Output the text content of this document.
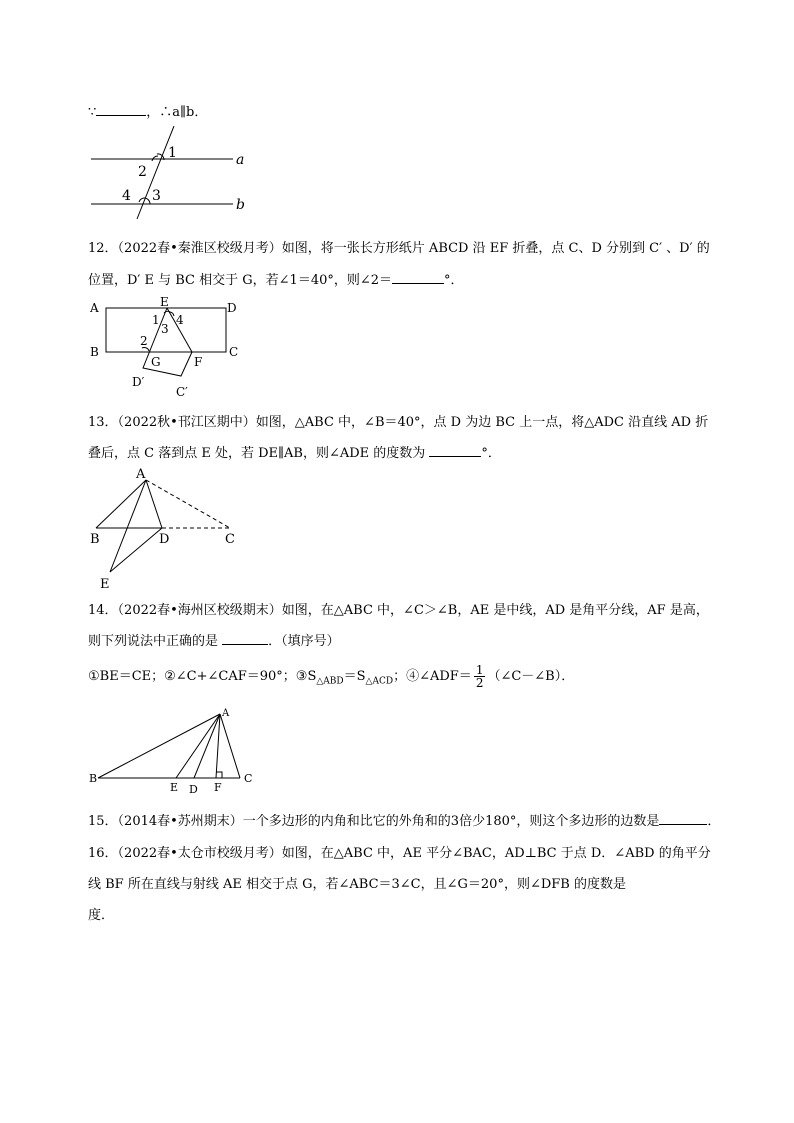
∵	，∴a∥b．
1
2
3
4
a
b
12．（2022春•秦淮区校级月考）如图，将一张长方形纸片 ABCD 沿 EF 折叠，点 C、D 分别到 C′ 、D′ 的
位置，D′ E 与 BC 相交于 G，若∠1＝40°，则∠2＝	°．
A
B	C
D
E
F
G
D′
C′
1
2
3
4
13．（2022秋•邗江区期中）如图，△ABC 中，∠B＝40°，点 D 为边 BC 上一点，将△ADC 沿直线 AD 折
叠后，点 C 落到点 E 处，若 DE∥AB，则∠ADE 的度数为	°．
A
B	C
D
E
14．（2022春•海州区校级期末）如图，在△ABC 中，∠C＞∠B，AE 是中线，AD 是角平分线，AF 是高，
则下列说法中正确的是	．（填序号）
①BE＝CE；②∠C+∠CAF＝90°；$③S_{\triangle ABD}=S_{\triangle ACD}$；④∠ADF＝ $\frac{1}{2}$ （∠C－∠B）．
A
B	C
E D F
15．（2014春•苏州期末）一个多边形的内角和比它的外角和的3倍少180°，则这个多边形的边数是	．
16．（2022春•太仓市校级月考）如图，在△ABC 中，AE 平分∠BAC，AD⊥BC 于点 D．∠ABD 的角平分
线 BF 所在直线与射线 AE 相交于点 G，若∠ABC＝3∠C，且∠G＝20°，则∠DFB 的度数是
度．
